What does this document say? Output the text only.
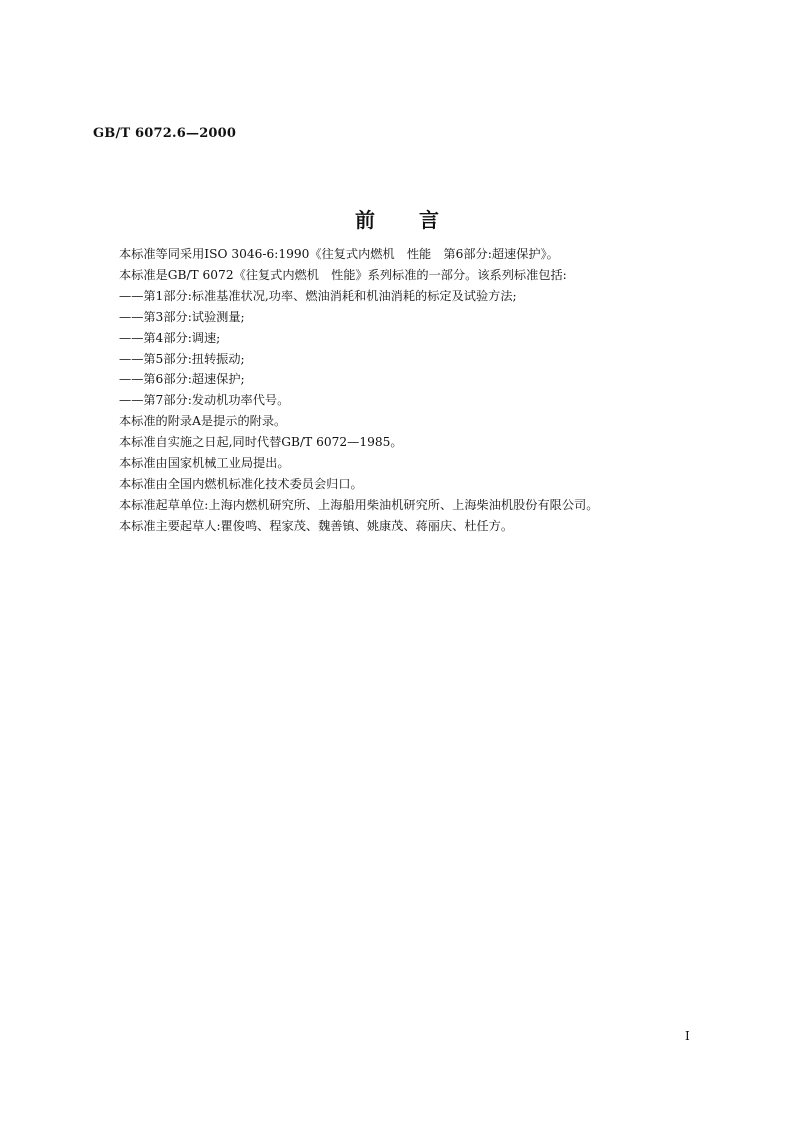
GB/T 6072.6—2000
前言
本标准等同采用ISO 3046-6:1990《往复式内燃机　性能　第6部分:超速保护》。
本标准是GB/T 6072《往复式内燃机　性能》系列标准的一部分。该系列标准包括:
——第1部分:标准基准状况,功率、燃油消耗和机油消耗的标定及试验方法;
——第3部分:试验测量;
——第4部分:调速;
——第5部分:扭转振动;
——第6部分:超速保护;
——第7部分:发动机功率代号。
本标准的附录A是提示的附录。
本标准自实施之日起,同时代替GB/T 6072—1985。
本标准由国家机械工业局提出。
本标准由全国内燃机标准化技术委员会归口。
本标准起草单位:上海内燃机研究所、上海船用柴油机研究所、上海柴油机股份有限公司。
本标准主要起草人:瞿俊鸣、程家茂、魏善镇、姚康茂、蒋丽庆、杜任方。
I
